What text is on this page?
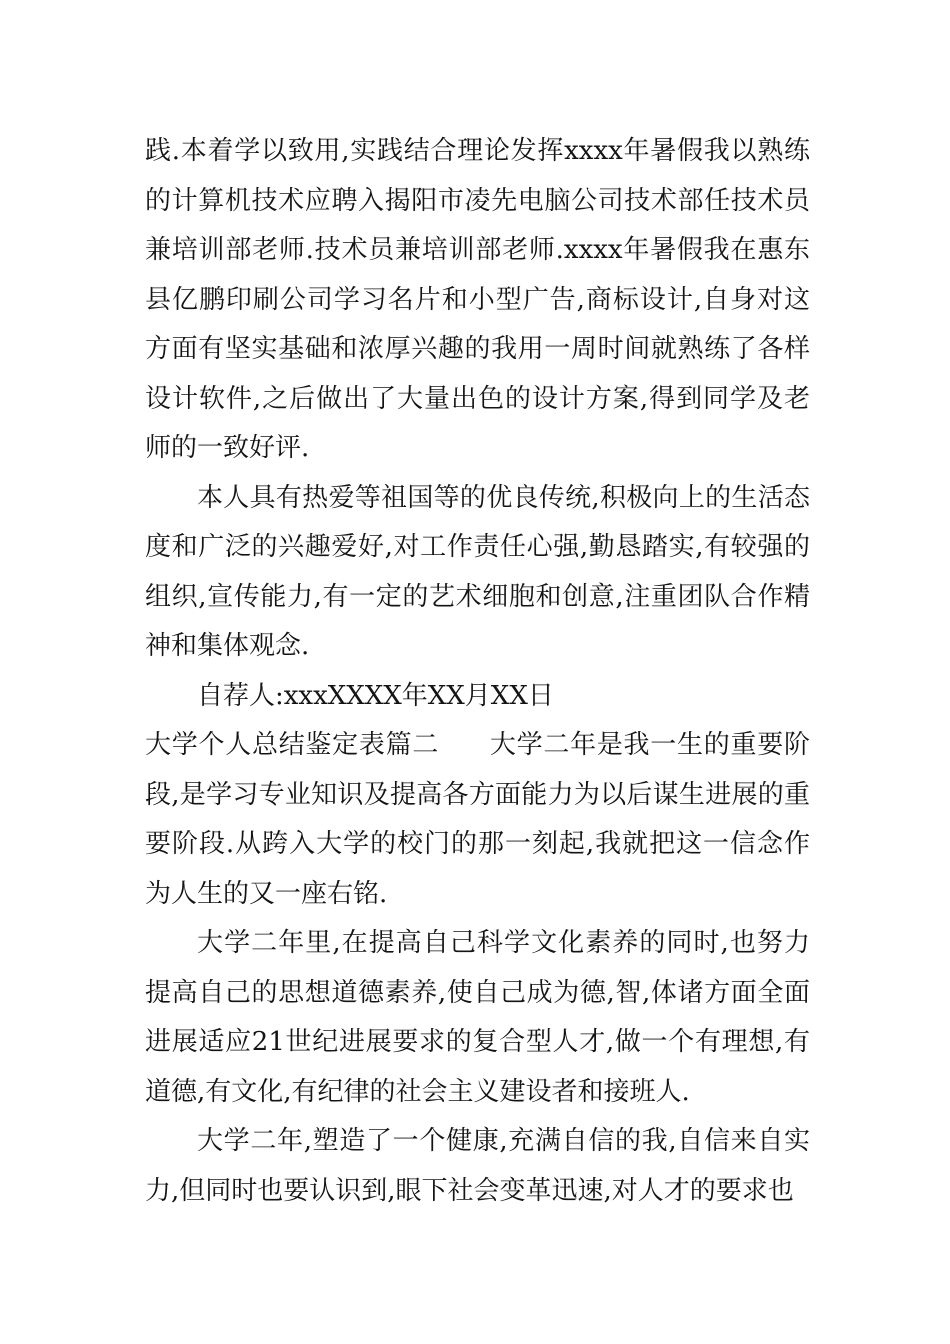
践.本着学以致用,实践结合理论发挥xxxx年暑假我以熟练的计算机技术应聘入揭阳市凌先电脑公司技术部任技术员兼培训部老师.技术员兼培训部老师.xxxx年暑假我在惠东县亿鹏印刷公司学习名片和小型广告,商标设计,自身对这方面有坚实基础和浓厚兴趣的我用一周时间就熟练了各样设计软件,之后做出了大量出色的设计方案,得到同学及老师的一致好评.

本人具有热爱等祖国等的优良传统,积极向上的生活态度和广泛的兴趣爱好,对工作责任心强,勤恳踏实,有较强的组织,宣传能力,有一定的艺术细胞和创意,注重团队合作精神和集体观念.

自荐人:xxxXXXX年XX月XX日

大学个人总结鉴定表篇二 大学二年是我一生的重要阶段,是学习专业知识及提高各方面能力为以后谋生进展的重要阶段.从跨入大学的校门的那一刻起,我就把这一信念作为人生的又一座右铭.

大学二年里,在提高自己科学文化素养的同时,也努力提高自己的思想道德素养,使自己成为德,智,体诸方面全面进展适应21世纪进展要求的复合型人才,做一个有理想,有道德,有文化,有纪律的社会主义建设者和接班人.

大学二年,塑造了一个健康,充满自信的我,自信来自实力,但同时也要认识到,眼下社会变革迅速,对人才的要求也
